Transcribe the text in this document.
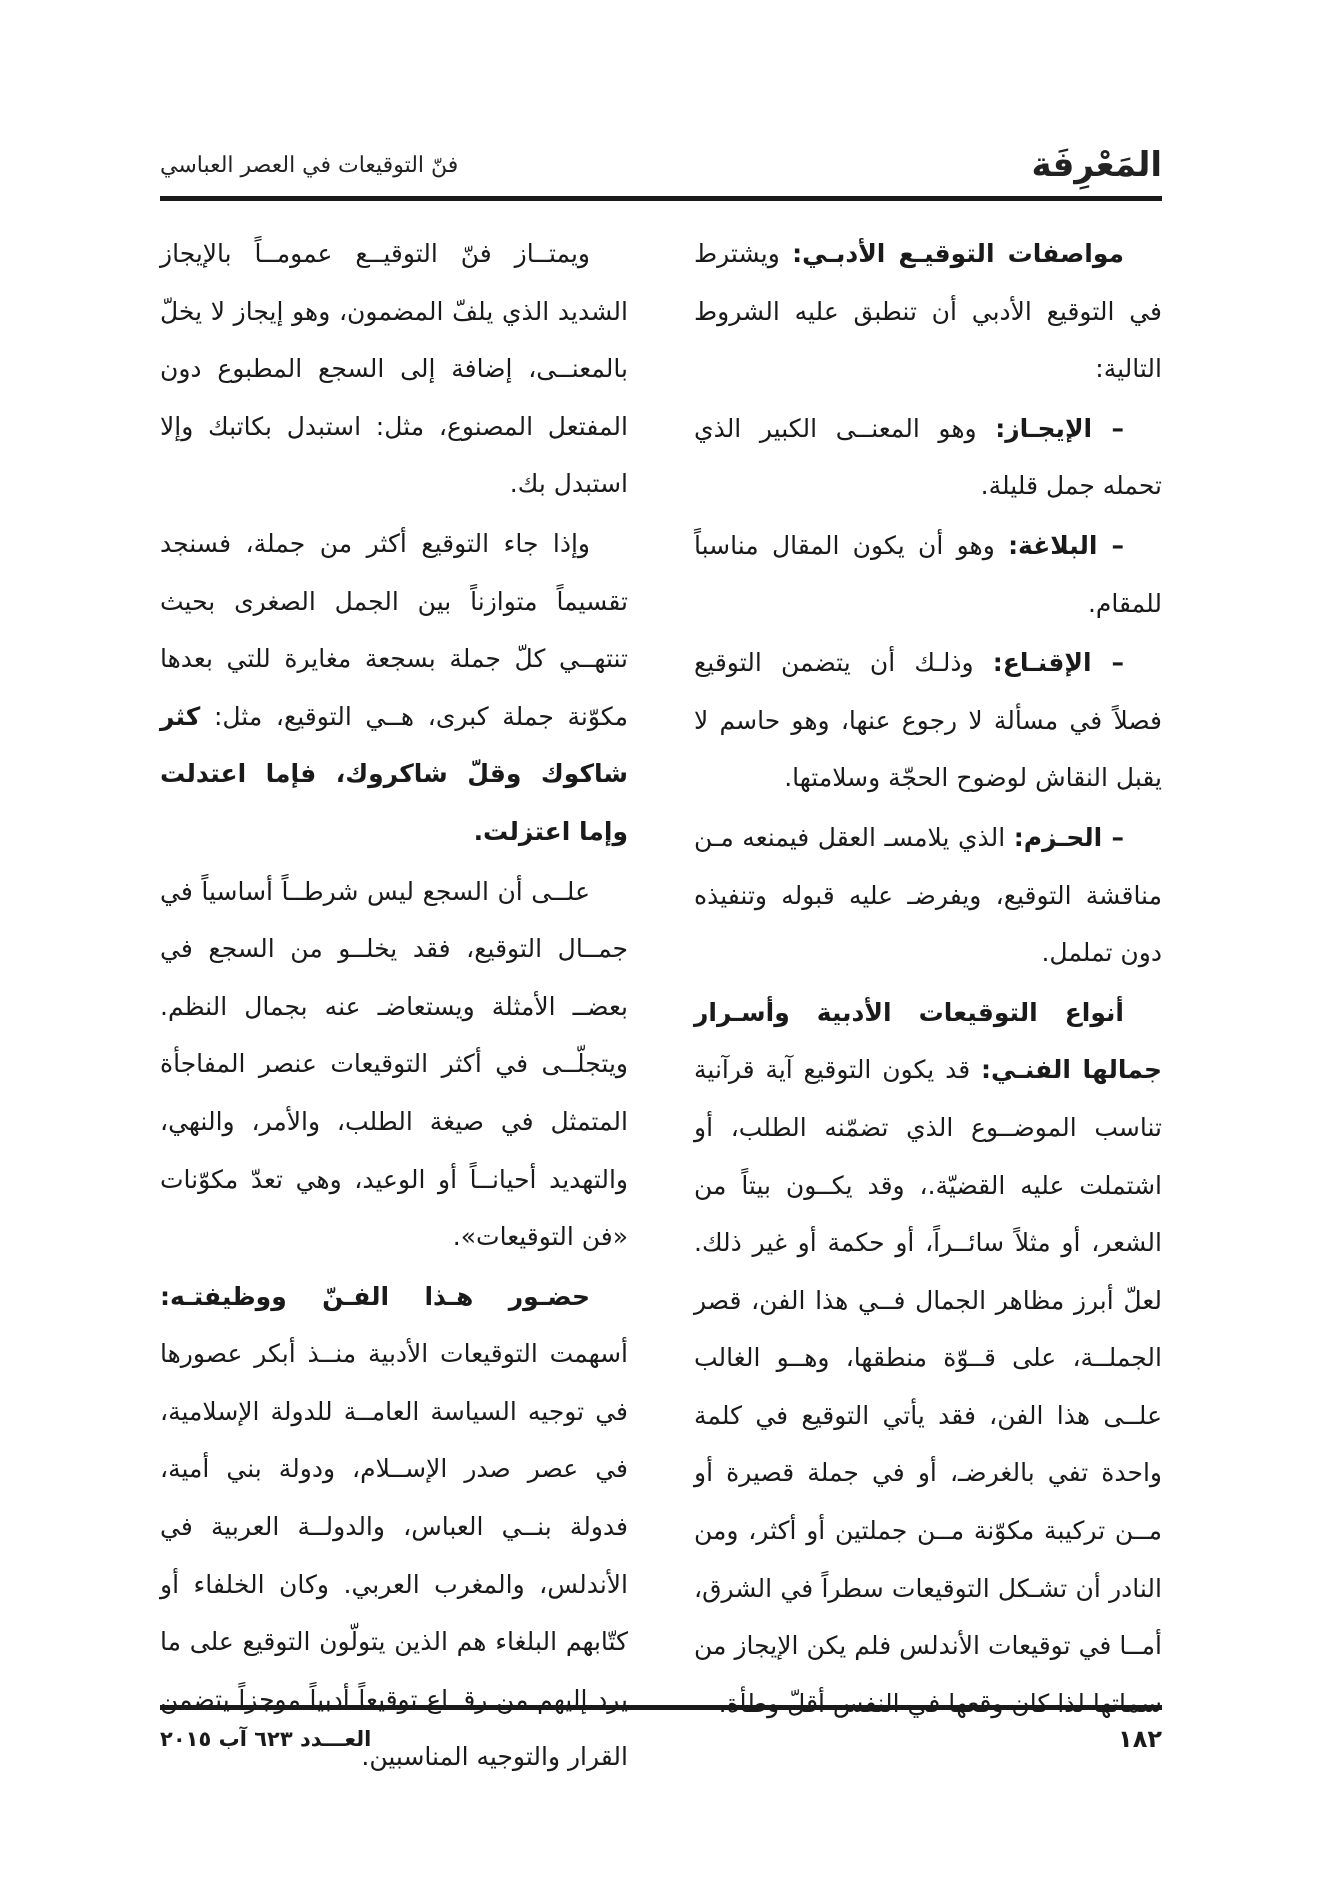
المَعْرِفَة
فنّ التوقيعات في العصر العباسي

مواصفات التوقيـع الأدبـي: ويشترط في التوقيع الأدبي أن تنطبق عليه الشروط التالية:

– الإيجـاز: وهو المعنــى الكبير الذي تحمله جمل قليلة.

– البلاغة: وهو أن يكون المقال مناسباً للمقام.

– الإقنـاع: وذلـك أن يتضمن التوقيع فصلاً في مسألة لا رجوع عنها، وهو حاسم لا يقبل النقاش لوضوح الحجّة وسلامتها.

– الحـزم: الذي يلامسـ العقل فيمنعه مـن مناقشة التوقيع، ويفرضـ عليه قبوله وتنفيذه دون تململ.

أنواع التوقيعات الأدبية وأسـرار جمالها الفنـي: قد يكون التوقيع آية قرآنية تناسب الموضــوع الذي تضمّنه الطلب، أو اشتملت عليه القضيّة.، وقد يكــون بيتاً من الشعر، أو مثلاً سائــراً، أو حكمة أو غير ذلك. لعلّ أبرز مظاهر الجمال فــي هذا الفن، قصر الجملــة، على قــوّة منطقها، وهــو الغالب علــى هذا الفن، فقد يأتي التوقيع في كلمة واحدة تفي بالغرضـ، أو في جملة قصيرة أو مــن تركيبة مكوّنة مــن جملتين أو أكثر، ومن النادر أن تشـكل التوقيعات سطراً في الشرق، أمــا في توقيعات الأندلس فلم يكن الإيجاز من سماتها لذا كان وقعها في النفس أقلّ وطأة.

ويمتــاز فنّ التوقيــع عمومــاً بالإيجاز الشديد الذي يلفّ المضمون، وهو إيجاز لا يخلّ بالمعنــى، إضافة إلى السجع المطبوع دون المفتعل المصنوع، مثل: استبدل بكاتبك وإلا استبدل بك.

وإذا جاء التوقيع أكثر من جملة، فسنجد تقسيماً متوازناً بين الجمل الصغرى بحيث تنتهــي كلّ جملة بسجعة مغايرة للتي بعدها مكوّنة جملة كبرى، هــي التوقيع، مثل: كثر شاكوك وقلّ شاكروك، فإما اعتدلت وإما اعتزلت.

علــى أن السجع ليس شرطــاً أساسياً في جمــال التوقيع، فقد يخلــو من السجع في بعضــ الأمثلة ويستعاضـ عنه بجمال النظم. ويتجلّــى في أكثر التوقيعات عنصر المفاجأة المتمثل في صيغة الطلب، والأمر، والنهي، والتهديد أحيانــاً أو الوعيد، وهي تعدّ مكوّنات «فن التوقيعات».

حضـور هـذا الفـنّ ووظيفتـه: أسهمت التوقيعات الأدبية منــذ أبكر عصورها في توجيه السياسة العامــة للدولة الإسلامية، في عصر صدر الإســلام، ودولة بني أمية، فدولة بنــي العباس، والدولــة العربية في الأندلس، والمغرب العربي. وكان الخلفاء أو كتّابهم البلغاء هم الذين يتولّون التوقيع على ما يرد إليهم من رقــاع توقيعاً أدبياً موجزاً يتضمن القرار والتوجيه المناسبين.

١٨٢
العـــدد ٦٢٣ آب ٢٠١٥
